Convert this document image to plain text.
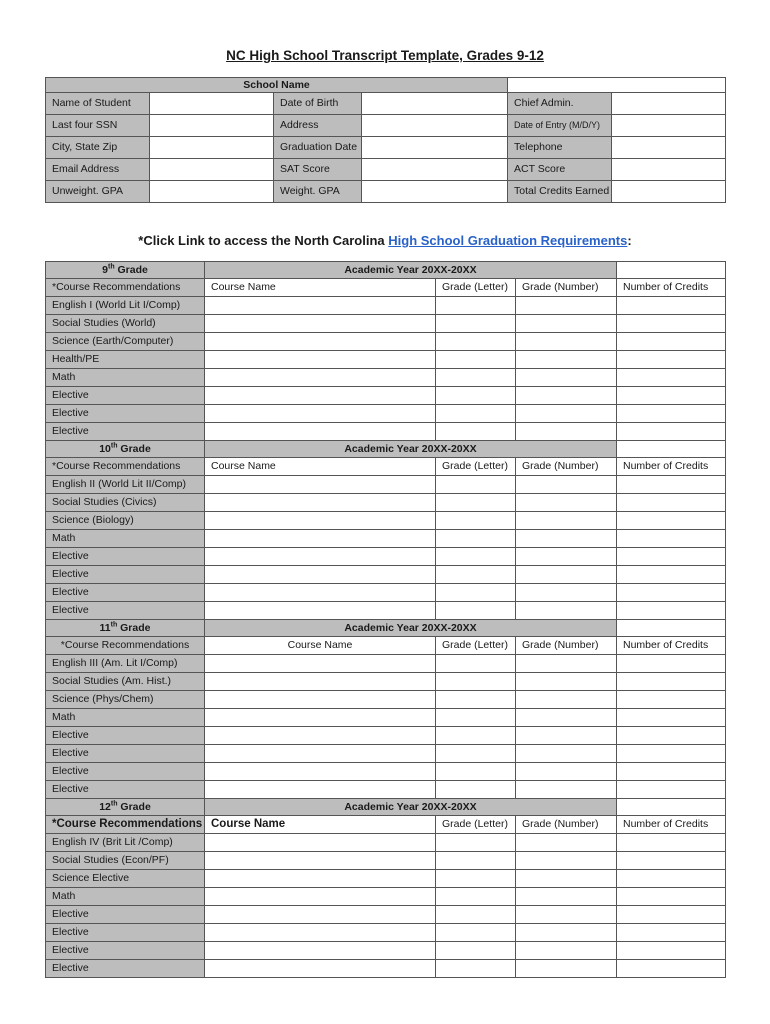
NC High School Transcript Template, Grades 9-12
School Name					
Name of Student		Date of Birth		Chief Admin.	
Last four SSN		Address		Date of Entry (M/D/Y)	
City, State Zip		Graduation Date		Telephone	
Email Address		SAT Score		ACT Score	
Unweight. GPA		Weight. GPA		Total Credits Earned	
*Click Link to access the North Carolina High School Graduation Requirements:
9th Grade	Academic Year 20XX-20XX			
*Course Recommendations	Course Name	Grade (Letter)	Grade (Number)	Number of Credits
English I (World Lit I/Comp)				
Social Studies (World)				
Science (Earth/Computer)				
Health/PE				
Math				
Elective				
Elective				
Elective				
10th Grade	Academic Year 20XX-20XX			
*Course Recommendations	Course Name	Grade (Letter)	Grade (Number)	Number of Credits
English II (World Lit II/Comp)				
Social Studies (Civics)				
Science (Biology)				
Math				
Elective				
Elective				
Elective				
Elective				
11th Grade	Academic Year 20XX-20XX			
*Course Recommendations	Course Name	Grade (Letter)	Grade (Number)	Number of Credits
English III (Am. Lit I/Comp)				
Social Studies (Am. Hist.)				
Science (Phys/Chem)				
Math				
Elective				
Elective				
Elective				
Elective				
12th Grade	Academic Year 20XX-20XX			
*Course Recommendations	Course Name	Grade (Letter)	Grade (Number)	Number of Credits
English IV (Brit Lit /Comp)				
Social Studies (Econ/PF)				
Science Elective				
Math				
Elective				
Elective				
Elective				
Elective				
